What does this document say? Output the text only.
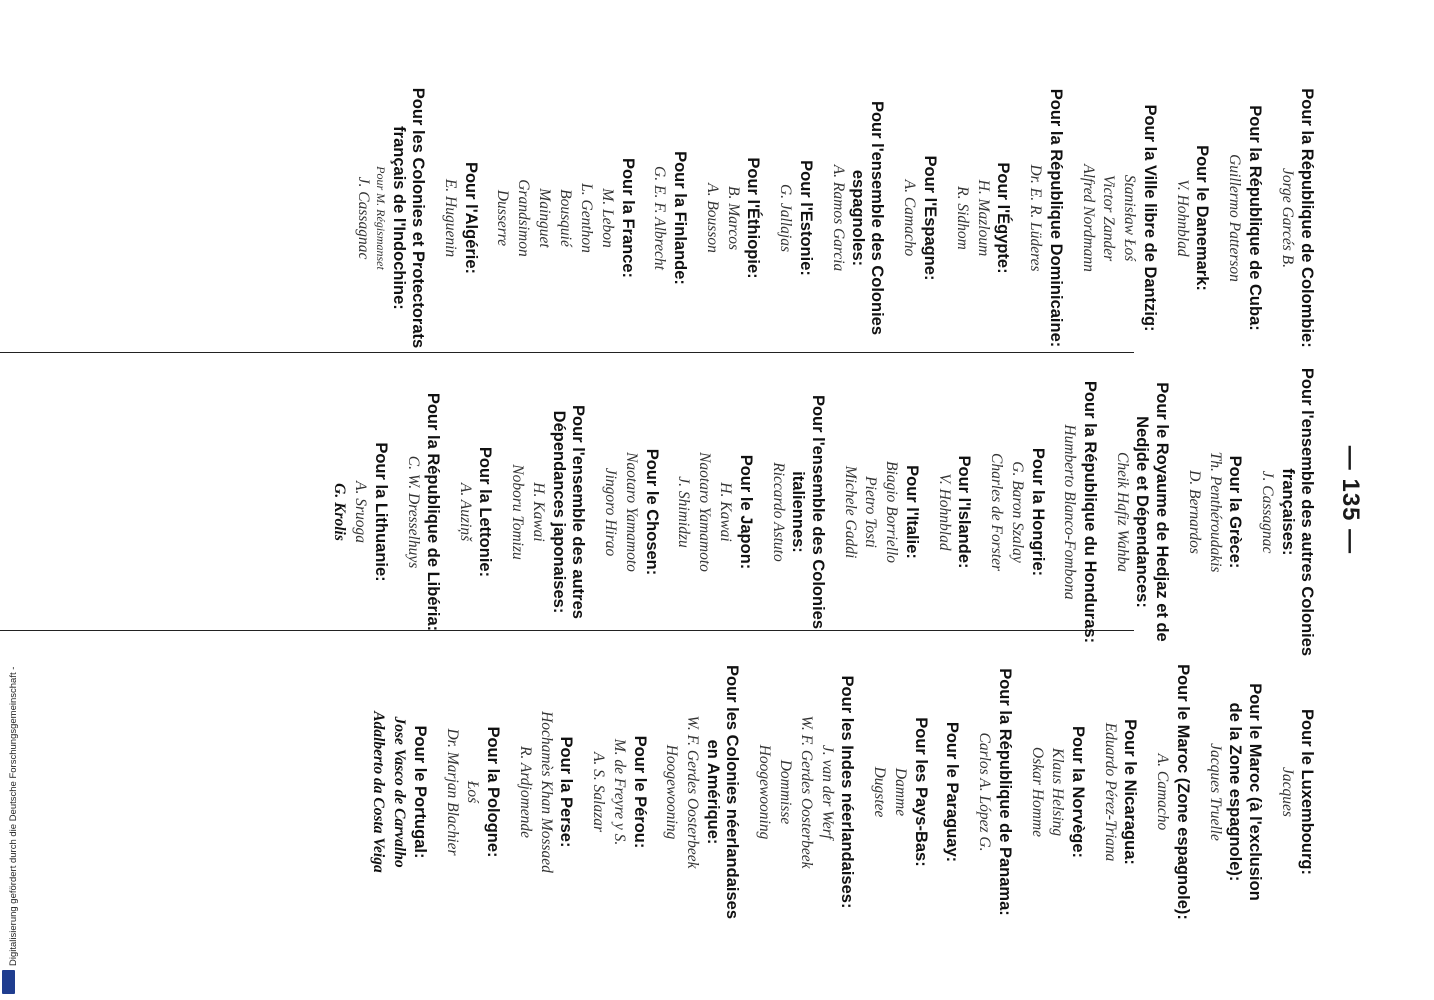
— 135 —
Pour la République de Colombie:
Jorge Garcés B.
Pour la République de Cuba:
Guillermo Patterson
Pour le Danemark:
V. Hohnblad
Pour la Ville libre de Dantzig:
Stanisław Łoś
Victor Zander
Alfred Nordmann
Pour la République Dominicaine:
Dr. E. R. Lüderes
Pour l'Égypte:
H. Mazloum
R. Sidhom
Pour l'Espagne:
A. Camacho
Pour l'ensemble des Colonies
espagnoles:
A. Ramos Garcia
Pour l'Estonie:
G. Jallajas
Pour l'Éthiopie:
B. Marcos
A. Bousson
Pour la Finlande:
G. E. F. Albrecht
Pour la France:
M. Lebon
L. Genthon
Bousquié
Mainguet
Grandsimon
Dusserre
Pour l'Algérie:
E. Huguenin
Pour les Colonies et Protectorats
français de l'Indochine:
Pour M. Régismanset
J. Cassagnac
Pour l'ensemble des autres Colonies
françaises:
J. Cassagnac
Pour la Grèce:
Th. Penthéroudakis
D. Bernardos
Pour le Royaume de Hedjaz et de
Nedjde et Dépendances:
Cheik Hafiz Wahba
Pour la République du Honduras:
Humberto Blanco-Fombona
Pour la Hongrie:
G. Baron Szalay
Charles de Forster
Pour l'Islande:
V. Hohnblad
Pour l'Italie:
Biagio Borriello
Pietro Tosti
Michele Gaddi
Pour l'ensemble des Colonies
italiennes:
Riccardo Astuto
Pour le Japon:
H. Kawai
Naotaro Yamamoto
J. Shimidzu
Pour le Chosen:
Naotaro Yamamoto
Jingoro Hirao
Pour l'ensemble des autres
Dépendances japonaises:
H. Kawai
Noboru Tomizu
Pour la Lettonie:
A. Auziņš
Pour la République de Libéria:
C. W. Dresselhuys
Pour la Lithuanie:
A. Sruoga
G. Krolis
Pour le Luxembourg:
Jacques
Pour le Maroc (à l'exclusion
de la Zone espagnole):
Jacques Truelle
Pour le Maroc (Zone espagnole):
A. Camacho
Pour le Nicaragua:
Eduardo Pérez-Triana
Pour la Norvège:
Klaus Helsing
Oskar Homme
Pour la République de Panama:
Carlos A. López G.
Pour le Paraguay:
Pour les Pays-Bas:
Damme
Dugstee
Pour les Indes néerlandaises:
J. van der Werf
W. F. Gerdes Oosterbeek
Dommisse
Hoogewooning
Pour les Colonies néerlandaises
en Amérique:
W. F. Gerdes Oosterbeek
Hoogewooning
Pour le Pérou:
M. de Freyre y S.
A. S. Salazar
Pour la Perse:
Hochamès Khan Mossaed
R. Ardjomende
Pour la Pologne:
Łoś
Dr. Marjan Blachier
Pour le Portugal:
Jose Vasco de Carvalho
Adalberto da Costa Veiga
Digitalisierung gefördert durch die Deutsche Forschungsgemeinschaft -
